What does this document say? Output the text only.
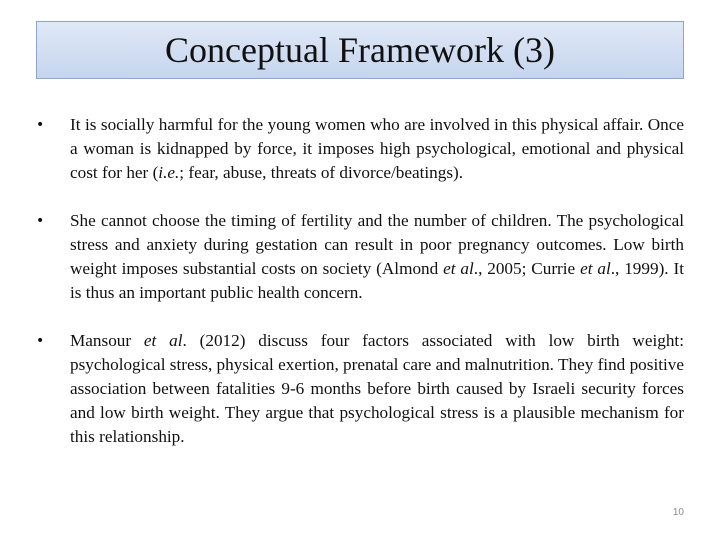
Conceptual Framework (3)
• It is socially harmful for the young women who are involved in this physical affair. Once a woman is kidnapped by force, it imposes high psychological, emotional and physical cost for her (i.e.; fear, abuse, threats of divorce/beatings).
• She cannot choose the timing of fertility and the number of children. The psychological stress and anxiety during gestation can result in poor pregnancy outcomes. Low birth weight imposes substantial costs on society (Almond et al., 2005; Currie et al., 1999). It is thus an important public health concern.
• Mansour et al. (2012) discuss four factors associated with low birth weight: psychological stress, physical exertion, prenatal care and malnutrition. They find positive association between fatalities 9-6 months before birth caused by Israeli security forces and low birth weight. They argue that psychological stress is a plausible mechanism for this relationship.
10
